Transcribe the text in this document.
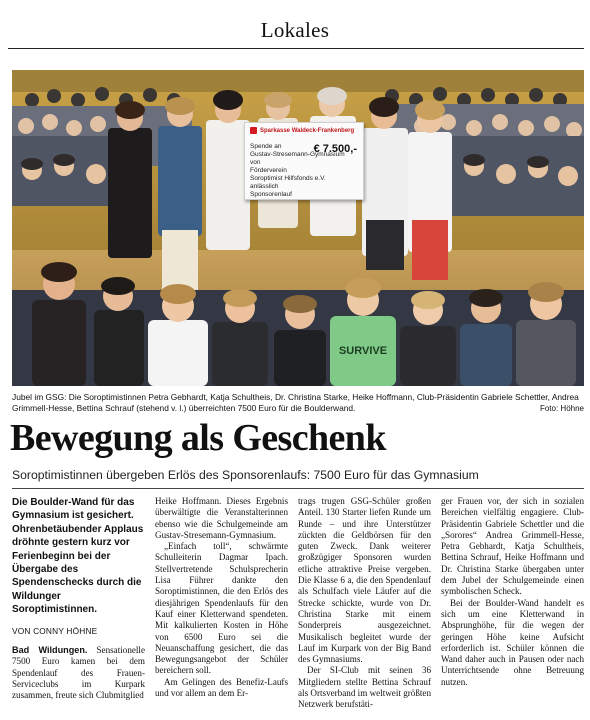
Lokales
SURVIVE
Sparkasse Waldeck-Frankenberg
€ 7.500,-
Spende an
Gustav-Stresemann-Gymnasium
von
Förderverein
Soroptimist Hilfsfonds e.V.
anlässlich
Sponsorenlauf
Jubel im GSG: Die Soroptimistinnen Petra Gebhardt, Katja Schultheis, Dr. Christina Starke, Heike Hoffmann, Club-Präsidentin Gabriele Schettler, Andrea Grimmell-Hesse, Bettina Schrauf (stehend v. l.) überreichten 7500 Euro für die Boulderwand.	Foto: Höhne
Bewegung als Geschenk
Soroptimistinnen übergeben Erlös des Sponsorenlaufs: 7500 Euro für das Gymnasium
Die Boulder-Wand für das Gymnasium ist gesichert. Ohrenbetäubender Applaus dröhnte gestern kurz vor Ferienbeginn bei der Übergabe des Spendenschecks durch die Wildunger Soroptimistinnen.
VON CONNY HÖHNE
Bad Wildungen. Sensationelle 7500 Euro kamen bei dem Spendenlauf des Frauen-Serviceclubs im Kurpark zusammen, freute sich Clubmitglied

Heike Hoffmann. Dieses Ergebnis überwältigte die Veranstalterinnen ebenso wie die Schulgemeinde am Gustav-Stresemann-Gymnasium.

„Einfach toll“, schwärmte Schulleiterin Dagmar Ipach. Stellvertretende Schulsprecherin Lisa Führer dankte den Soroptimistinnen, die den Erlös des diesjährigen Spendenlaufs für den Kauf einer Kletterwand spendeten. Mit kalkulierten Kosten in Höhe von 6500 Euro sei die Neuanschaffung gesichert, die das Bewegungsangebot der Schüler bereichern soll.

Am Gelingen des Benefiz-Laufs und vor allem an dem Er-

trags trugen GSG-Schüler großen Anteil. 130 Starter liefen Runde um Runde – und ihre Unterstützer zückten die Geldbörsen für den guten Zweck. Dank weiterer großzügiger Sponsoren wurden etliche attraktive Preise vergeben. Die Klasse 6 a, die den Spendenlauf als Schulfach viele Läufer auf die Strecke schickte, wurde von Dr. Christina Starke mit einem Sonderpreis ausgezeichnet. Musikalisch begleitet wurde der Lauf im Kurpark von der Big Band des Gymnasiums.

Der SI-Club mit seinen 36 Mitgliedern stellte Bettina Schrauf als Ortsverband im weltweit größten Netzwerk berufstäti-

ger Frauen vor, der sich in sozialen Bereichen vielfältig engagiere. Club-Präsidentin Gabriele Schettler und die „Sorores“ Andrea Grimmell-Hesse, Petra Gebhardt, Katja Schultheis, Bettina Schrauf, Heike Hoffmann und Dr. Christina Starke übergaben unter dem Jubel der Schulgemeinde einen symbolischen Scheck.

Bei der Boulder-Wand handelt es sich um eine Kletterwand in Absprunghöhe, für die wegen der geringen Höhe keine Aufsicht erforderlich ist. Schüler können die Wand daher auch in Pausen oder nach Unterrichtsende ohne Betreuung nutzen.
